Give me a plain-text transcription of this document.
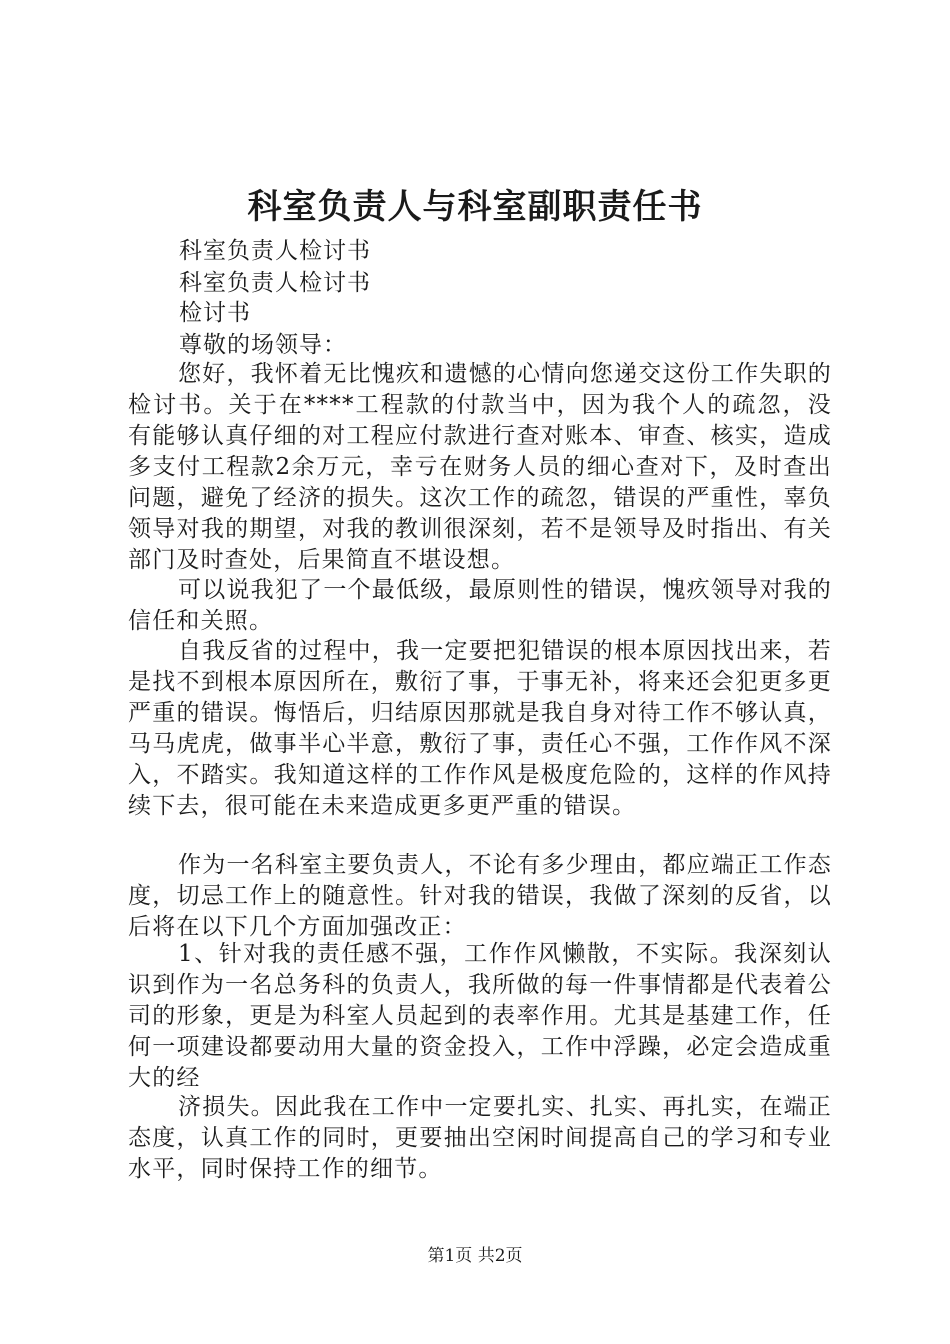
科室负责人与科室副职责任书
科室负责人检讨书
科室负责人检讨书
检讨书
尊敬的场领导：

您好，我怀着无比愧疚和遗憾的心情向您递交这份工作失职的检讨书。关于在****工程款的付款当中，因为我个人的疏忽，没有能够认真仔细的对工程应付款进行查对账本、审查、核实，造成多支付工程款2余万元，幸亏在财务人员的细心查对下，及时查出问题，避免了经济的损失。这次工作的疏忽，错误的严重性，辜负领导对我的期望，对我的教训很深刻，若不是领导及时指出、有关部门及时查处，后果简直不堪设想。

可以说我犯了一个最低级，最原则性的错误，愧疚领导对我的信任和关照。

自我反省的过程中，我一定要把犯错误的根本原因找出来，若是找不到根本原因所在，敷衍了事，于事无补，将来还会犯更多更严重的错误。悔悟后，归结原因那就是我自身对待工作不够认真，马马虎虎，做事半心半意，敷衍了事，责任心不强，工作作风不深入，不踏实。我知道这样的工作作风是极度危险的，这样的作风持续下去，很可能在未来造成更多更严重的错误。

作为一名科室主要负责人，不论有多少理由，都应端正工作态度，切忌工作上的随意性。针对我的错误，我做了深刻的反省，以后将在以下几个方面加强改正：

1、针对我的责任感不强，工作作风懒散，不实际。我深刻认识到作为一名总务科的负责人，我所做的每一件事情都是代表着公司的形象，更是为科室人员起到的表率作用。尤其是基建工作，任何一项建设都要动用大量的资金投入，工作中浮躁，必定会造成重大的经

济损失。因此我在工作中一定要扎实、扎实、再扎实，在端正态度，认真工作的同时，更要抽出空闲时间提高自己的学习和专业水平，同时保持工作的细节。

第1页 共2页
